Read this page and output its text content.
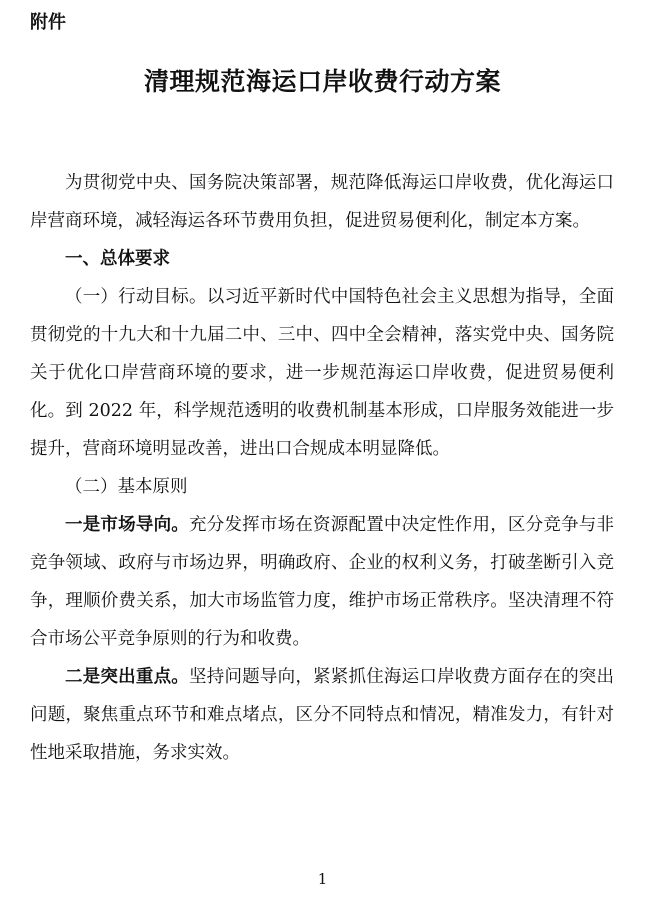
附件
清理规范海运口岸收费行动方案

为贯彻党中央、国务院决策部署，规范降低海运口岸收费，优化海运口岸营商环境，减轻海运各环节费用负担，促进贸易便利化，制定本方案。

一、总体要求

（一）行动目标。以习近平新时代中国特色社会主义思想为指导，全面贯彻党的十九大和十九届二中、三中、四中全会精神，落实党中央、国务院关于优化口岸营商环境的要求，进一步规范海运口岸收费，促进贸易便利化。到 2022 年，科学规范透明的收费机制基本形成，口岸服务效能进一步提升，营商环境明显改善，进出口合规成本明显降低。

（二）基本原则

一是市场导向。充分发挥市场在资源配置中决定性作用，区分竞争与非竞争领域、政府与市场边界，明确政府、企业的权利义务，打破垄断引入竞争，理顺价费关系，加大市场监管力度，维护市场正常秩序。坚决清理不符合市场公平竞争原则的行为和收费。

二是突出重点。坚持问题导向，紧紧抓住海运口岸收费方面存在的突出问题，聚焦重点环节和难点堵点，区分不同特点和情况，精准发力，有针对性地采取措施，务求实效。

1
